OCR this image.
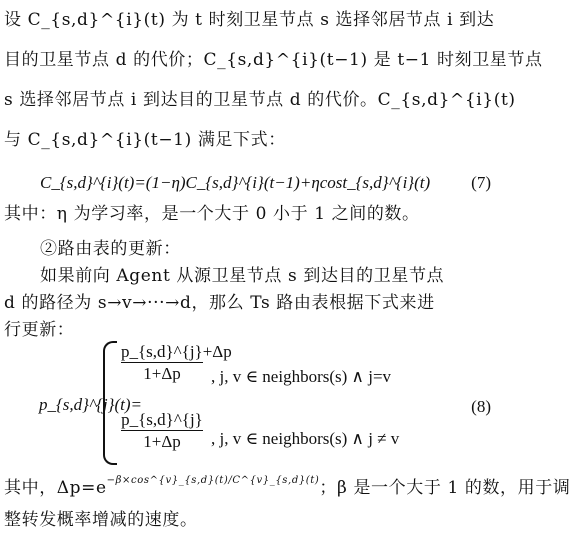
设 C_{s,d}^{i}(t) 为 t 时刻卫星节点 s 选择邻居节点 i 到达
目的卫星节点 d 的代价；C_{s,d}^{i}(t−1) 是 t−1 时刻卫星节点
s 选择邻居节点 i 到达目的卫星节点 d 的代价。C_{s,d}^{i}(t)
与 C_{s,d}^{i}(t−1) 满足下式：
C_{s,d}^{i}(t)=(1−η)C_{s,d}^{i}(t−1)+ηcost_{s,d}^{i}(t) (7)
其中：η 为学习率，是一个大于 0 小于 1 之间的数。
②路由表的更新：
如果前向 Agent 从源卫星节点 s 到达目的卫星节点
d 的路径为 s→v→···→d，那么 Ts 路由表根据下式来进
行更新：
p_{s,d}^{j}(t)=
p_{s,d}^{j}+Δp
1+Δp	, j, v ∈ neighbors(s) ∧ j=v
p_{s,d}^{j}
1+Δp	, j, v ∈ neighbors(s) ∧ j ≠ v
(8)
其中，$\Delta p=e^{-\beta\times cos\^{}\{v\}\_\{s,d\}(t)/C\^{}\{v\}\_\{s,d\}(t)}$；β 是一个大于 1 的数，用于调
整转发概率增减的速度。
